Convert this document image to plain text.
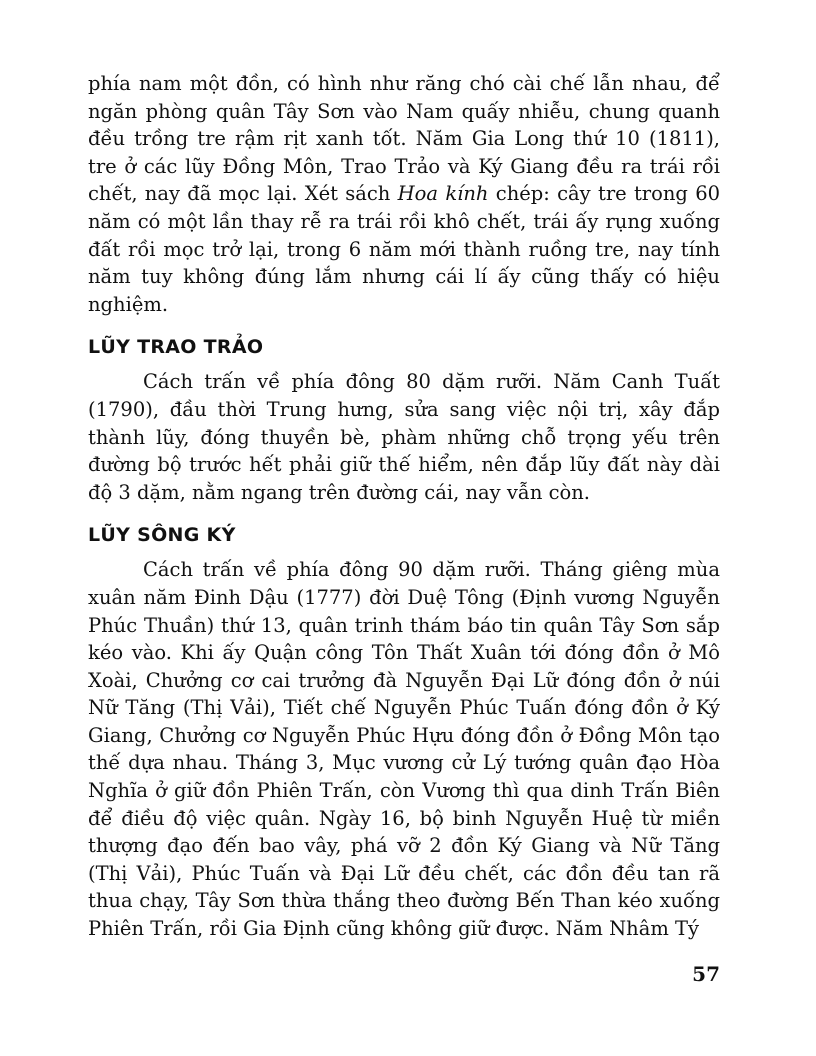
phía nam một đồn, có hình như răng chó cài chế lẫn nhau, để ngăn phòng quân Tây Sơn vào Nam quấy nhiễu, chung quanh đều trồng tre rậm rịt xanh tốt. Năm Gia Long thứ 10 (1811), tre ở các lũy Đồng Môn, Trao Trảo và Ký Giang đều ra trái rồi chết, nay đã mọc lại. Xét sách Hoa kính chép: cây tre trong 60 năm có một lần thay rễ ra trái rồi khô chết, trái ấy rụng xuống đất rồi mọc trở lại, trong 6 năm mới thành ruồng tre, nay tính năm tuy không đúng lắm nhưng cái lí ấy cũng thấy có hiệu nghiệm.

LŨY TRAO TRẢO

Cách trấn về phía đông 80 dặm rưỡi. Năm Canh Tuất (1790), đầu thời Trung hưng, sửa sang việc nội trị, xây đắp thành lũy, đóng thuyền bè, phàm những chỗ trọng yếu trên đường bộ trước hết phải giữ thế hiểm, nên đắp lũy đất này dài độ 3 dặm, nằm ngang trên đường cái, nay vẫn còn.

LŨY SÔNG KÝ

Cách trấn về phía đông 90 dặm rưỡi. Tháng giêng mùa xuân năm Đinh Dậu (1777) đời Duệ Tông (Định vương Nguyễn Phúc Thuần) thứ 13, quân trinh thám báo tin quân Tây Sơn sắp kéo vào. Khi ấy Quận công Tôn Thất Xuân tới đóng đồn ở Mô Xoài, Chưởng cơ cai trưởng đà Nguyễn Đại Lữ đóng đồn ở núi Nữ Tăng (Thị Vải), Tiết chế Nguyễn Phúc Tuấn đóng đồn ở Ký Giang, Chưởng cơ Nguyễn Phúc Hựu đóng đồn ở Đồng Môn tạo thế dựa nhau. Tháng 3, Mục vương cử Lý tướng quân đạo Hòa Nghĩa ở giữ đồn Phiên Trấn, còn Vương thì qua dinh Trấn Biên để điều độ việc quân. Ngày 16, bộ binh Nguyễn Huệ từ miền thượng đạo đến bao vây, phá vỡ 2 đồn Ký Giang và Nữ Tăng (Thị Vải), Phúc Tuấn và Đại Lữ đều chết, các đồn đều tan rã thua chạy, Tây Sơn thừa thắng theo đường Bến Than kéo xuống Phiên Trấn, rồi Gia Định cũng không giữ được. Năm Nhâm Tý

57
